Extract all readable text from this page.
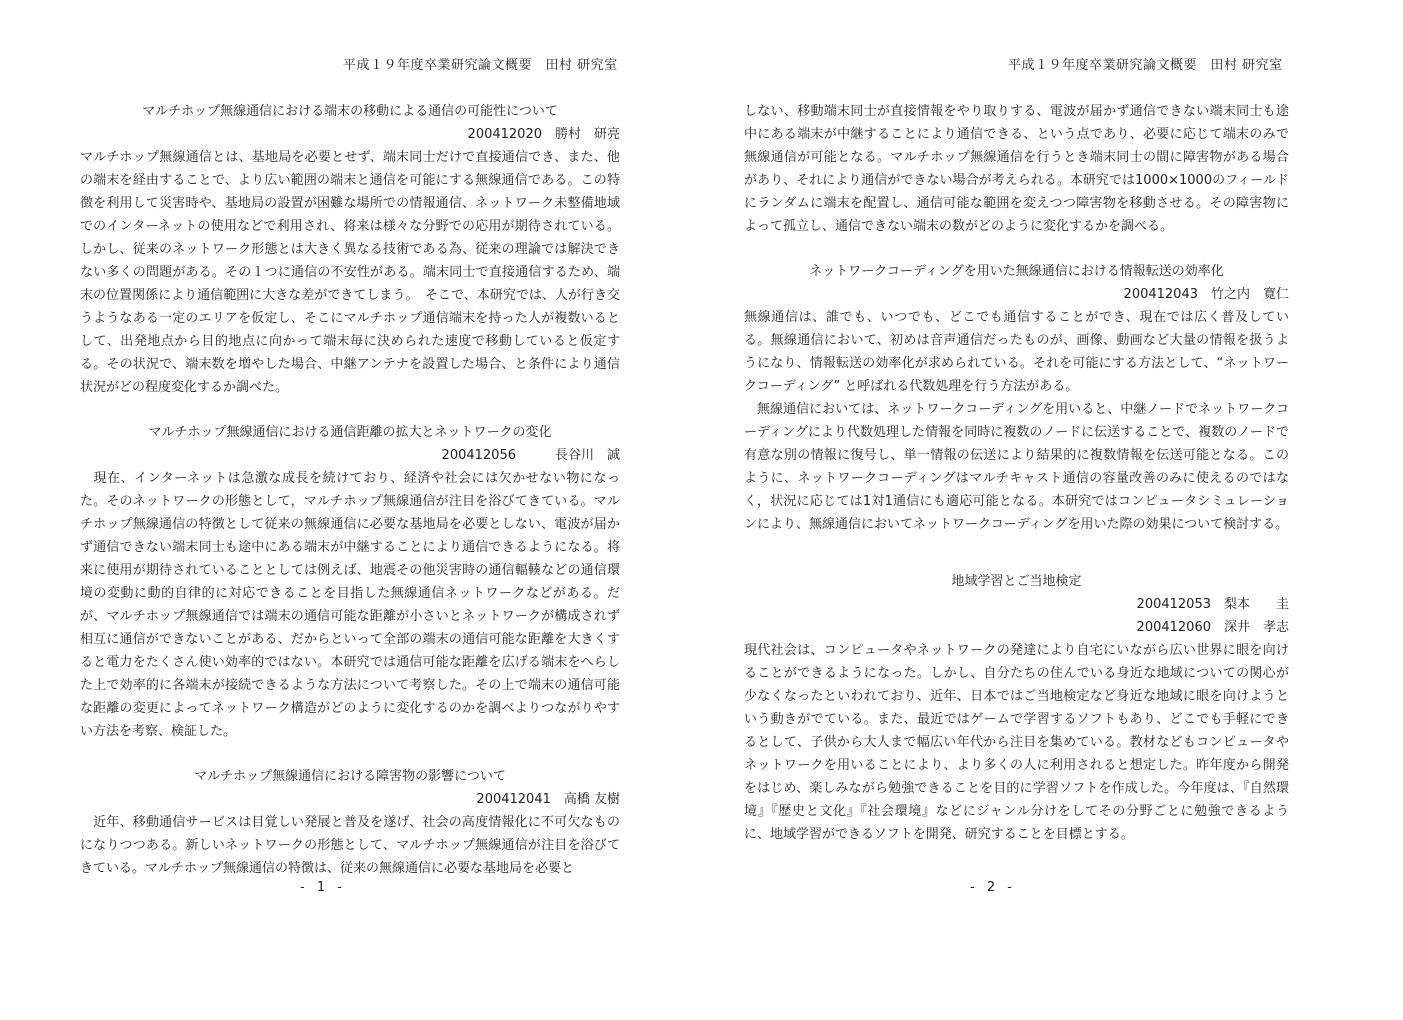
平成１９年度卒業研究論文概要　田村 研究室
マルチホップ無線通信における端末の移動による通信の可能性について
200412020　勝村　研亮

マルチホップ無線通信とは、基地局を必要とせず、端末同士だけで直接通信でき、また、他の端末を経由することで、より広い範囲の端末と通信を可能にする無線通信である。この特徴を利用して災害時や、基地局の設置が困難な場所での情報通信、ネットワーク未整備地域でのインターネットの使用などで利用され、将来は様々な分野での応用が期待されている。しかし、従来のネットワーク形態とは大きく異なる技術である為、従来の理論では解決できない多くの問題がある。その１つに通信の不安性がある。端末同士で直接通信するため、端末の位置関係により通信範囲に大きな差ができてしまう。　そこで、本研究では、人が行き交うようなある一定のエリアを仮定し、そこにマルチホップ通信端末を持った人が複数いるとして、出発地点から目的地点に向かって端末毎に決められた速度で移動していると仮定する。その状況で、端末数を増やした場合、中継アンテナを設置した場合、と条件により通信状況がどの程度変化するか調べた。

マルチホップ無線通信における通信距離の拡大とネットワークの変化
200412056　　　長谷川　誠

　現在、インターネットは急激な成長を続けており、経済や社会には欠かせない物になった。そのネットワークの形態として，マルチホップ無線通信が注目を浴びてきている。マルチホップ無線通信の特徴として従来の無線通信に必要な基地局を必要としない、電波が届かず通信できない端末同士も途中にある端末が中継することにより通信できるようになる。将来に使用が期待されていることとしては例えば、地震その他災害時の通信輻輳などの通信環境の変動に動的自律的に対応できることを目指した無線通信ネットワークなどがある。だが、マルチホップ無線通信では端末の通信可能な距離が小さいとネットワークが構成されず相互に通信ができないことがある、だからといって全部の端末の通信可能な距離を大きくすると電力をたくさん使い効率的ではない。本研究では通信可能な距離を広げる端末をへらした上で効率的に各端末が接続できるような方法について考察した。その上で端末の通信可能な距離の変更によってネットワーク構造がどのように変化するのかを調べよりつながりやすい方法を考察、検証した。

マルチホップ無線通信における障害物の影響について
200412041　高橋 友樹

　近年、移動通信サービスは目覚しい発展と普及を遂げ、社会の高度情報化に不可欠なものになりつつある。新しいネットワークの形態として、マルチホップ無線通信が注目を浴びてきている。マルチホップ無線通信の特徴は、従来の無線通信に必要な基地局を必要と

- 1 -
平成１９年度卒業研究論文概要　田村 研究室

しない、移動端末同士が直接情報をやり取りする、電波が届かず通信できない端末同士も途中にある端末が中継することにより通信できる、という点であり、必要に応じて端末のみで無線通信が可能となる。マルチホップ無線通信を行うとき端末同士の間に障害物がある場合があり、それにより通信ができない場合が考えられる。本研究では1000×1000のフィールドにランダムに端末を配置し、通信可能な範囲を変えつつ障害物を移動させる。その障害物によって孤立し、通信できない端末の数がどのように変化するかを調べる。

ネットワークコーディングを用いた無線通信における情報転送の効率化
200412043　竹之内　寛仁

無線通信は、誰でも、いつでも、どこでも通信することができ、現在では広く普及している。無線通信において、初めは音声通信だったものが、画像、動画など大量の情報を扱うようになり、情報転送の効率化が求められている。それを可能にする方法として、“ネットワークコーディング” と呼ばれる代数処理を行う方法がある。
　無線通信においては、ネットワークコーディングを用いると、中継ノードでネットワークコーディングにより代数処理した情報を同時に複数のノードに伝送することで、複数のノードで有意な別の情報に復号し、単一情報の伝送により結果的に複数情報を伝送可能となる。このように、ネットワークコーディングはマルチキャスト通信の容量改善のみに使えるのではなく，状況に応じては1対1通信にも適応可能となる。本研究ではコンピュータシミュレーションにより、無線通信においてネットワークコーディングを用いた際の効果について検討する。

地域学習とご当地検定
200412053　梨本　　圭
200412060　深井　孝志

現代社会は、コンピュータやネットワークの発達により自宅にいながら広い世界に眼を向けることができるようになった。しかし、自分たちの住んでいる身近な地域についての関心が少なくなったといわれており、近年、日本ではご当地検定など身近な地域に眼を向けようという動きがでている。また、最近ではゲームで学習するソフトもあり、どこでも手軽にできるとして、子供から大人まで幅広い年代から注目を集めている。教材などもコンピュータやネットワークを用いることにより、より多くの人に利用されると想定した。昨年度から開発をはじめ、楽しみながら勉強できることを目的に学習ソフトを作成した。今年度は、『自然環境』『歴史と文化』『社会環境』などにジャンル分けをしてその分野ごとに勉強できるように、地域学習ができるソフトを開発、研究することを目標とする。

- 2 -
